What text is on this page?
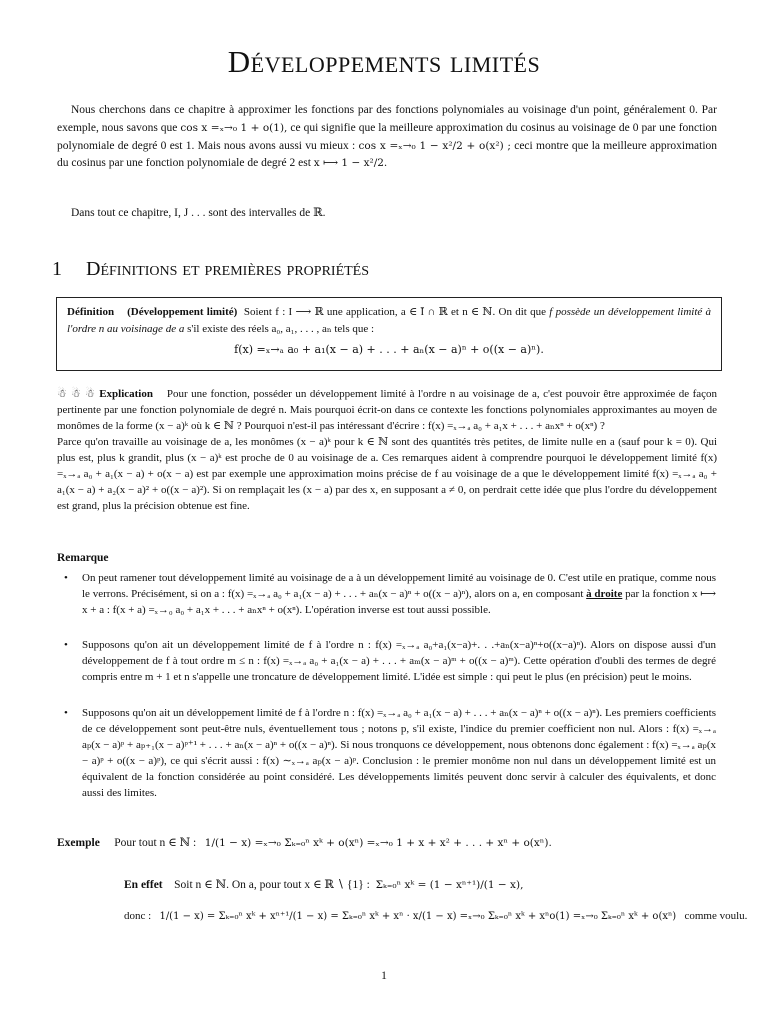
Développements limités
Nous cherchons dans ce chapitre à approximer les fonctions par des fonctions polynomiales au voisinage d'un point, généralement 0. Par exemple, nous savons que cos x =ₓ→₀ 1 + o(1), ce qui signifie que la meilleure approximation du cosinus au voisinage de 0 par une fonction polynomiale de degré 0 est 1. Mais nous avons aussi vu mieux : cos x =ₓ→₀ 1 − x²/2 + o(x²) ; ceci montre que la meilleure approximation du cosinus par une fonction polynomiale de degré 2 est x ⟼ 1 − x²/2.
Dans tout ce chapitre, I, J . . . sont des intervalles de ℝ.
1 Définitions et premières propriétés
Définition (Développement limité) Soient f : I ⟶ ℝ une application, a ∈ Ī ∩ ℝ et n ∈ ℕ. On dit que f possède un développement limité à l'ordre n au voisinage de a s'il existe des réels a₀, a₁, . . . , aₙ tels que :
f(x) =ₓ→ₐ a₀ + a₁(x − a) + . . . + aₙ(x − a)ⁿ + o((x − a)ⁿ).
☃ ☃ ☃ Explication Pour une fonction, posséder un développement limité à l'ordre n au voisinage de a, c'est pouvoir être approximée de façon pertinente par une fonction polynomiale de degré n. Mais pourquoi écrit-on dans ce contexte les fonctions polynomiales approximantes au moyen de monômes de la forme (x − a)ᵏ où k ∈ ℕ ? Pourquoi n'est-il pas intéressant d'écrire : f(x) =ₓ→ₐ a₀ + a₁x + . . . + aₙxⁿ + o(xⁿ) ?
Parce qu'on travaille au voisinage de a, les monômes (x − a)ᵏ pour k ∈ ℕ sont des quantités très petites, de limite nulle en a (sauf pour k = 0). Qui plus est, plus k grandit, plus (x − a)ᵏ est proche de 0 au voisinage de a. Ces remarques aident à comprendre pourquoi le développement limité f(x) =ₓ→ₐ a₀ + a₁(x − a) + o(x − a) est par exemple une approximation moins précise de f au voisinage de a que le développement limité f(x) =ₓ→ₐ a₀ + a₁(x − a) + a₂(x − a)² + o((x − a)²). Si on remplaçait les (x − a) par des x, en supposant a ≠ 0, on perdrait cette idée que plus l'ordre du développement est grand, plus la précision obtenue est fine.
Remarque
• On peut ramener tout développement limité au voisinage de a à un développement limité au voisinage de 0. C'est utile en pratique, comme nous le verrons. Précisément, si on a : f(x) =ₓ→ₐ a₀ + a₁(x − a) + . . . + aₙ(x − a)ⁿ + o((x − a)ⁿ), alors on a, en composant à droite par la fonction x ⟼ x + a : f(x + a) =ₓ→₀ a₀ + a₁x + . . . + aₙxⁿ + o(xⁿ). L'opération inverse est tout aussi possible.
• Supposons qu'on ait un développement limité de f à l'ordre n : f(x) =ₓ→ₐ a₀+a₁(x−a)+. . .+aₙ(x−a)ⁿ+o((x−a)ⁿ). Alors on dispose aussi d'un développement de f à tout ordre m ≤ n : f(x) =ₓ→ₐ a₀ + a₁(x − a) + . . . + aₘ(x − a)ᵐ + o((x − a)ᵐ). Cette opération d'oubli des termes de degré compris entre m + 1 et n s'appelle une troncature de développement limité. L'idée est simple : qui peut le plus (en précision) peut le moins.
• Supposons qu'on ait un développement limité de f à l'ordre n : f(x) =ₓ→ₐ a₀ + a₁(x − a) + . . . + aₙ(x − a)ⁿ + o((x − a)ⁿ). Les premiers coefficients de ce développement sont peut-être nuls, éventuellement tous ; notons p, s'il existe, l'indice du premier coefficient non nul. Alors : f(x) =ₓ→ₐ aₚ(x − a)ᵖ + aₚ₊₁(x − a)ᵖ⁺¹ + . . . + aₙ(x − a)ⁿ + o((x − a)ⁿ). Si nous tronquons ce développement, nous obtenons donc également : f(x) =ₓ→ₐ aₚ(x − a)ᵖ + o((x − a)ᵖ), ce qui s'écrit aussi : f(x) ∼ₓ→ₐ aₚ(x − a)ᵖ. Conclusion : le premier monôme non nul dans un développement limité est un équivalent de la fonction considérée au point considéré. Les développements limités peuvent donc servir à calculer des équivalents, et donc aussi des limites.
Exemple Pour tout n ∈ ℕ : 1/(1 − x) =ₓ→₀ Σₖ₌₀ⁿ xᵏ + o(xⁿ) =ₓ→₀ 1 + x + x² + . . . + xⁿ + o(xⁿ).
En effet Soit n ∈ ℕ. On a, pour tout x ∈ ℝ ∖ {1} : Σₖ₌₀ⁿ xᵏ = (1 − xⁿ⁺¹)/(1 − x),
donc : 1/(1 − x) = Σₖ₌₀ⁿ xᵏ + xⁿ⁺¹/(1 − x) = Σₖ₌₀ⁿ xᵏ + xⁿ · x/(1 − x) =ₓ→₀ Σₖ₌₀ⁿ xᵏ + xⁿo(1) =ₓ→₀ Σₖ₌₀ⁿ xᵏ + o(xⁿ) comme voulu.
1
